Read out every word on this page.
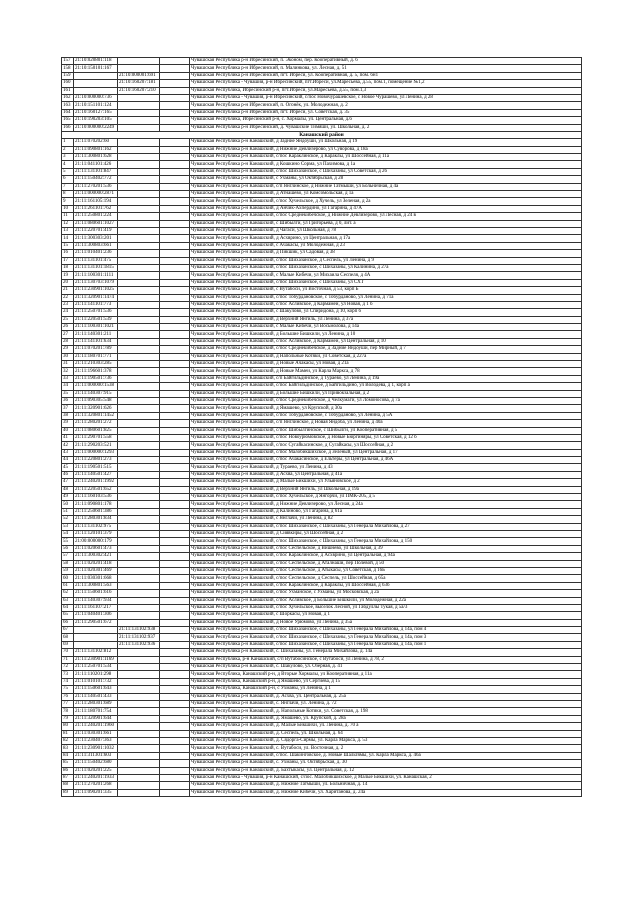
157	21:10:020801:118			Чувашская Республика р-н Ибресинский, п. Эконом, пер. Кооперативный, д. 6
158	21:10:150101:167			Чувашская Республика р-н Ибресинский, п. Малинкова, ул. Лесная, д. 51
159		21:10:000001:691		Чувашская Республика р-н Ибресинский, пгт. Ибреси, ул. Кооперативная, д. 5, пом. 6н1
160		21:10:160207:181		Чувашская Республика - Чувашия, р-н Ибресинский, пгт.Ибреси, ул.Маресьева, д.55, пом.1, помещение №1,2
161		21:10:160207:210		Чувашская Республика, Ибресинский р-н, пгт.Ибреси, ул.Маресьева, д.55, пом.1,3
162	21:10:000000:736			Чувашская Республика - Чувашия, р-н Ибресинский, с/пос Новочурашевское, с Новое Чурашево, ул Ленина, д 28
163	21:10:151101:124			Чувашская Республика р-н Ибресинский, п. Огонёк, ул. Молодежная, д. 2
164	21:10:160127:165			Чувашская Республика р-н Ибресинский, пгт. Ибреси, ул. Советская, д. 35
165	21:10:190203:105			Чувашская Республика, Ибресинский р-н, с. Хормалы, ул. Центральная, д.6
166	21:10:000000:2249			Чувашская Республика р-н Ибресинский, д. Чувашские Тимяши, ул. Школьная, д. 2
Канашский район				
1	21:11:070202:60			Чувашская Республика р-н Канашский, д Задние Яндоуши, ул Школьная, д 19
2	21:11:090801:162			Чувашская Республика р-н Канашский, д Нижние Девлизерово, ул Суворова, д 18а
3	21:11:300801:628			Чувашская Республика р-н Канашский, с/пос Караклинское, д Караклы, ул Шоссейная, д 11а
4	21:11:041101:426			Чувашская Республика р-н Канашский, д Кошкино Сорма, ул Пахимова, д 1а
5	21:11:131101:847			Чувашская Республика р-н Канашский, с/пос Шихазанское, с Шихазаны, ул Советская, д 26
6	21:11:150402:772			Чувашская Республика р-н Канашский, с Ухманы, ул Октябрьская, д 28
7	21:11:270201:536			Чувашская Республика р-н Канашский, с/п Янглинское, д Нижние Татмыши, ул Больничная, д 4а
8	21:11:000000:2871			Чувашская Республика р-н Канашский, д Атнашево, ул Комсомольская, д 1а
9	21:11:161105:194			Чувашская Республика р-н Канашский, с/пос Хучельское, д Хучель, ул Зеленая, д 2а
10	21:11:261101:762			Чувашская Республика р-н Канашский, д Анчик-Ахпердино, ул Гагарина, д 47А
11	21:11:250801:224			Чувашская Республика р-н Канашский, с/пос Среднекибечское, д Нижние Девлизерово, ул Лесная, д 24 в
12	21:11:080601:1027			Чувашская Республика р-н Канашский, с Шибылги, ул Григорьева, д 0, лит. а
13	21:11:220701:419			Чувашская Республика р-н Канашский, д Чагаси, ул Школьная, д 78
14	21:11:300303:201			Чувашская Республика р-н Канашский, д Асхврино, ул Центральная, д 17а
15	21:11:300803:661			Чувашская Республика р-н Канашский, с Ачакасы, ул Молодежная, д 23
16	21:11:010401:236			Чувашская Республика р-н Канашский, д Пикшик, ул Садовая, д 38
17	21:11:131101:475			Чувашская Республика р-н Канашский, с/пос Шихазанское, д Сеспель, ул Ленина, д 9
18	21:11:131101:1815			Чувашская Республика р-н Канашский, с/пос Шихазанское, с Шихазаны, ул Калинина, д 27а
19	21:11:100301:1111			Чувашская Республика р-н Канашский, с Малые Кибечи, ул Михаила Сеспеля, д 4А
20	21:11:130703:1079			Чувашская Республика р-н Канашский, с/пос Шихазанское, с Шихазаны, ул СХТ
21	21:11:230901:1025			Чувашская Республика р-н Канашский, с Вутабоси, ул Восточная, д 53, корп Б
22	21:11:320901:1474			Чувашская Республика р-н Канашский, с/пос Тобурдановское, с Тобурданово, ул Ленина, д 71а
23	21:11:141101:773			Чувашская Республика р-н Канашский, с/пос Асливское, д Кармамеи, ул Новая, д 1 б
24	21:11:250701:536			Чувашская Республика р-н Канашский, с Шакулово, ул Спиридона, д 10, корп 6
25	21:11:220501:539			Чувашская Республика р-н Канашский, д Верхний Янгиль, ул Ленина, д 37а
26	21:11:100301:1021			Чувашская Республика р-н Канашский, с Малые Кибечи, ул Восьмолова, д 14а
27	21:11:140301:211			Чувашская Республика р-н Канашский, д Большие Бишкили, ул Ленина, д 10
28	21:11:141101:634			Чувашская Республика р-н Канашский, с/пос Асливское, д Кармамеи, ул Центральная, д 10
29	21:11:070201:789			Чувашская Республика р-н Канашский, с/пос Среднекибечское, д Задние Яндоуши, пер Мирный, д 7
30	21:11:180701:771			Чувашская Республика р-н Канашский, д Напольные Котяки, ул Советская, д 227а
31	21:11:210303:285			Чувашская Республика р-н Канашский, д Новые Ачакасы, ул Новая, д 21а
32	21:11:196601:378			Чувашская Республика р-н Канашский, д Новые Мамеи, ул Карла Маркса, д 78
33	21:11:190501:736			Чувашская Республика р-н Канашский, с/п Байгильдинское, д Тураево, ул Ленина, д 19а
34	21:11:000000:1538			Чувашская Республика р-н Канашский, с/пос Байгильдинское, д Байгильдино, ул Володева, д 1, корп а
35	21:11:140307:915			Чувашская Республика р-н Канашский, д Большие Бишкили, ул Привокзальная, д 2
36	21:11:090305:548			Чувашская Республика р-н Канашский, с/пос Среднекибечское, д Челкумаги, ул Ломоносова, д 7а
37	21:11:320901:626			Чувашская Республика р-н Канашский, д Ямашево, ул Крупской, д 30а
38	21:11:320801:1452			Чувашская Республика р-н Канашский, с/пос Тобурдановское, с Тобурданово, ул Ленина, д 5А
39	21:11:280201:272			Чувашская Республика р-н Канашский, с/п Янглинское, д Новая Яндоба, ул Ленина, д 40а
40	21:11:080601:825			Чувашская Республика р-н Канашский, с/пос Шибылгинское, с Шибылги, ул Кооперативная, д 5
41	21:11:290701:558			Чувашская Республика р-н Канашский, с/пос Новоурюмовское, д Новые Бюргиняры, ул Советская, д 12 б
42	21:11:290203:521			Чувашская Республика р-н Канашский, с/пос Сугайкасинское, д Сугайкасы, ул Шоссейная, д 2
43	21:11:000000:1293			Чувашская Республика р-н Канашский, с/пос Малобикшихское, д Зеленый, ул Центральная, д 17
44	21:11:220801:273			Чувашская Республика р-н Канашский, с/пос Ачакасинское, д Ёльтеры, ул Центральная, д 46А
45	21:11:190501:515			Чувашская Республика р-н Канашский, д Тураево, ул Ленина, д 43
46	21:11:140501:427			Чувашская Республика р-н Канашский, д Асхва, ул Центральная, д 41а
47	21:11:240201:1992			Чувашская Республика р-н Канашский, д Малые Бикшихи, ул Ульяновское, д 2
48	21:11:220501:652			Чувашская Республика р-н Канашский, д Верхний Янгиль, ул Школьная, д 19а
49	21:11:160103:536			Чувашская Республика р-н Канашский, с/пос Хучельское, д Янгорчи, ул ПМК-205, д 5
50	21:11:090801:178			Чувашская Республика р-н Канашский, д Нижние Девлизерово, ул Лесная, д 24а
51	21:11:250601:386			Чувашская Республика р-н Канашский, д Калиново, ул Гагарина, д 61а
52	21:11:280301:834			Чувашская Республика р-н Канашский, с Янглачи, ул Ленина, д 82
53	21:11:131102:975			Чувашская Республика р-н Канашский, с/пос Шихазанское, с Шихазаны, ул Генерала Михайлова, д 27
54	21:11:120101:379			Чувашская Республика р-н Канашский, д Сиявкиры, ул Шоссейная, д 2
55	21:00:000000:179			Чувашская Республика р-н Канашский, с/пос Шихазанское, с Шихазаны, ул Генерала Михайлова, д 150
56	21:11:020601:473			Чувашская Республика р-н Канашский, с/пос Сеспельское, д Вишнево, ул Школьная, д 39
57	21:11:300302:421			Чувашская Республика р-н Канашский, с/пос Караклинское, д Асхврино, ул Центральная, д 94а
58	21:11:020201:418			Чувашская Республика р-н Канашский, с/пос Сеспельское, д Аталнаши, пер Полевой, д 50
59	21:11:020301:469			Чувашская Республика р-н Канашский, с/пос Сеспельское, д Атыкасы, ул Советская, д 16Б
60	21:11:030301:668			Чувашская Республика р-н Канашский, с/пос Сеспельское, д Сеспель, ул Шоссейная, д 65а
61	21:11:300801:563			Чувашская Республика р-н Канашский, с/пос Караклинское, д Караклы, ул Шоссейная, д 63б
62	21:11:150601:616			Чувашская Республика р-н Канашский, с/пос Ухманское, с Ухманы, ул Московская, д 2а
63	21:11:140307:934			Чувашская Республика р-н Канашский, с/пос Асливское, д Большие Бишкили, ул Молодежная, д 22а
64	21:11:161107:217			Чувашская Республика р-н Канашский, с/пос Хучельское, выселок Лесной, ул Габдуллы Тукая, д 5а/3
65	21:11:040401:306			Чувашская Республика р-н Канашский, с Шоркасы, ул Новая, д 1
66	21:11:290501:672			Чувашская Республика р-н Канашский, д Новое Урюмово, ул Ленина, д 35а
67		21:11:131102:938		Чувашская Республика р-н Канашский, с/пос Шихазанское, с Шихазаны, ул Генерала Михайлова, д 14а, пом 4
68		21:11:131102:937		Чувашская Республика р-н Канашский, с/пос Шихазанское, с Шихазаны, ул Генерала Михайлова, д 14а, пом 3
69		21:11:131102:936		Чувашская Республика р-н Канашский, с/пос Шихазанское, с Шихазаны, ул Генерала Михайлова, д 14а, пом 1
70	21:11:131102:812			Чувашская Республика р-н Канашский, с. Шихазаны, ул. Генерала Михайлова, д. 14а
71	21:11:230901:1169			Чувашская Республика, р-н Канашский, с/п Вутабосинское, с Вутабоси, ул Ленина, д 78, 2
72	21:11:250701:534			Чувашская Республика р-н Канашский, с. Шакулово, ул. Озерная, д. 41
73	21:11:110201:298			Чувашская Республика, Канашский р-н, д Вторые Хормалы, ул Кооперативная, д 11а
74	21:11:010101:732			Чувашская Республика, Канашский р-н, д Ямашево, ул Сергиева, д 15
75	21:11:150601:643			Чувашская Республика, Канашский р-н, с Ухманы, ул Ленина, д 1
76	21:11:140501:433			Чувашская Республика р-н Канашский, д. Асхва, ул. Центральная, д. 25а
77	21:11:280301:689			Чувашская Республика р-н Канашский, с. Янглачи, ул. Ленина, д. 72
78	21:11:180701:754			Чувашская Республика р-н Канашский, д. Напольные Котяки, ул. Советская, д. 198
79	21:11:320901:644			Чувашская Республика р-н Канашский, д. Ямашево, ул. Крупской, д. 28а
80	21:11:240201:1960			Чувашская Республика р-н Канашский, д. Малые Бикшихи, ул. Ленина, д. 70 а
81	21:11:030301:661			Чувашская Республика р-н Канашский, д. Сеспель, ул. Школьная, д. 64
82	21:11:230407:363			Чувашская Республика р-н Канашский, д. Сядорга-Сирмы, ул. Карла Маркса, д. 53
83	21:11:230901:1032			Чувашская Республика р-н Канашский, с. Вутабоси, ул. Восточная, д. 2
84	21:11:311301:603			Чувашская Республика р-н Канашский, с/пос. Шакинговское, д. Новые Шальтямы, ул. Карла Маркса, д. 46а
85	21:11:150402:680			Чувашская Республика р-н Канашский, с. Ухманы, ул. Октябрьская, д. 30
86	21:11:020201:225			Чувашская Республика р-н Канашский, д. Бахтыкасы, ул. Центральная, д. 12
87	21:11:240201:1933			Чувашская Республика - Чувашия, р-н Канашский, с/пос. Малобикшихское, д Малые Бикшихи, ул. Канашская, 2
88	21:11:270201:268			Чувашская Республика р-н Канашский, д. Нижние Татмыши, ул. Больничная, д. 14
89	21:11:090201:335			Чувашская Республика р-н Канашский, д. Нижние Кибечи, ул. Хаританова, д. 24а
